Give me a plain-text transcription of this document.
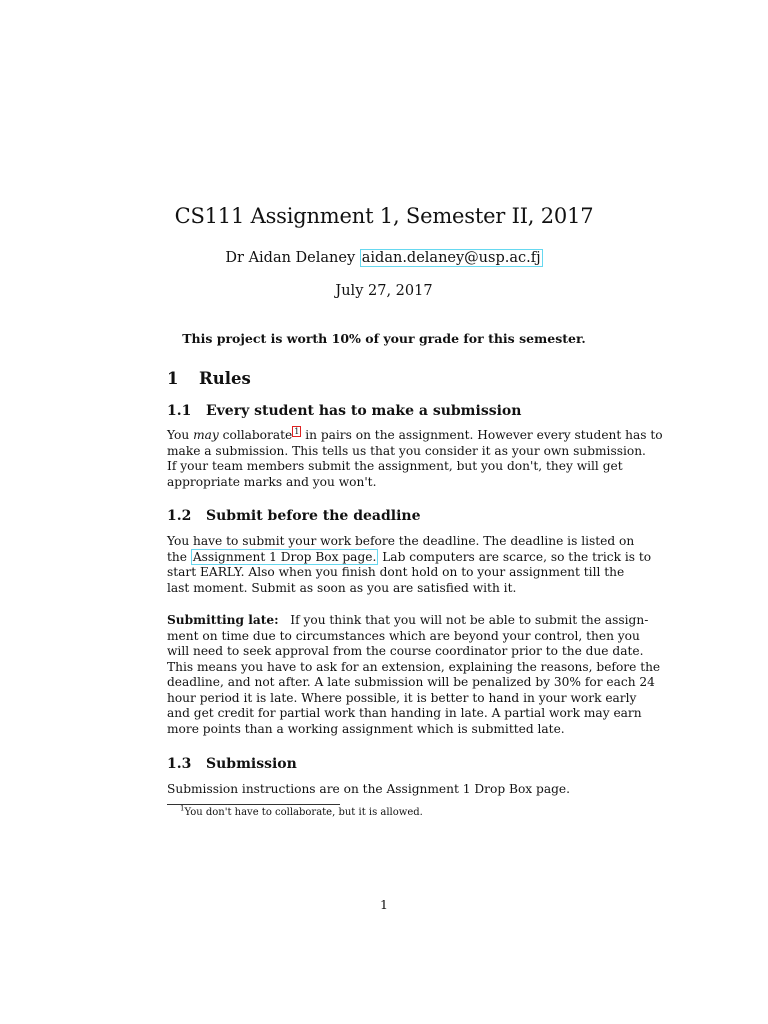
CS111 Assignment 1, Semester II, 2017
Dr Aidan Delaney aidan.delaney@usp.ac.fj
July 27, 2017
This project is worth 10% of your grade for this semester.
1 Rules
1.1 Every student has to make a submission
You may collaborate $^1$ in pairs on the assignment. However every student has to
make a submission. This tells us that you consider it as your own submission.
If your team members submit the assignment, but you don't, they will get
appropriate marks and you won't.
1.2 Submit before the deadline
You have to submit your work before the deadline. The deadline is listed on
the Assignment 1 Drop Box page. Lab computers are scarce, so the trick is to
start EARLY. Also when you finish dont hold on to your assignment till the
last moment. Submit as soon as you are satisfied with it.
Submitting late: If you think that you will not be able to submit the assign-
ment on time due to circumstances which are beyond your control, then you
will need to seek approval from the course coordinator prior to the due date.
This means you have to ask for an extension, explaining the reasons, before the
deadline, and not after. A late submission will be penalized by 30% for each 24
hour period it is late. Where possible, it is better to hand in your work early
and get credit for partial work than handing in late. A partial work may earn
more points than a working assignment which is submitted late.
1.3 Submission
Submission instructions are on the Assignment 1 Drop Box page.
$^1$You don't have to collaborate, but it is allowed.
1
